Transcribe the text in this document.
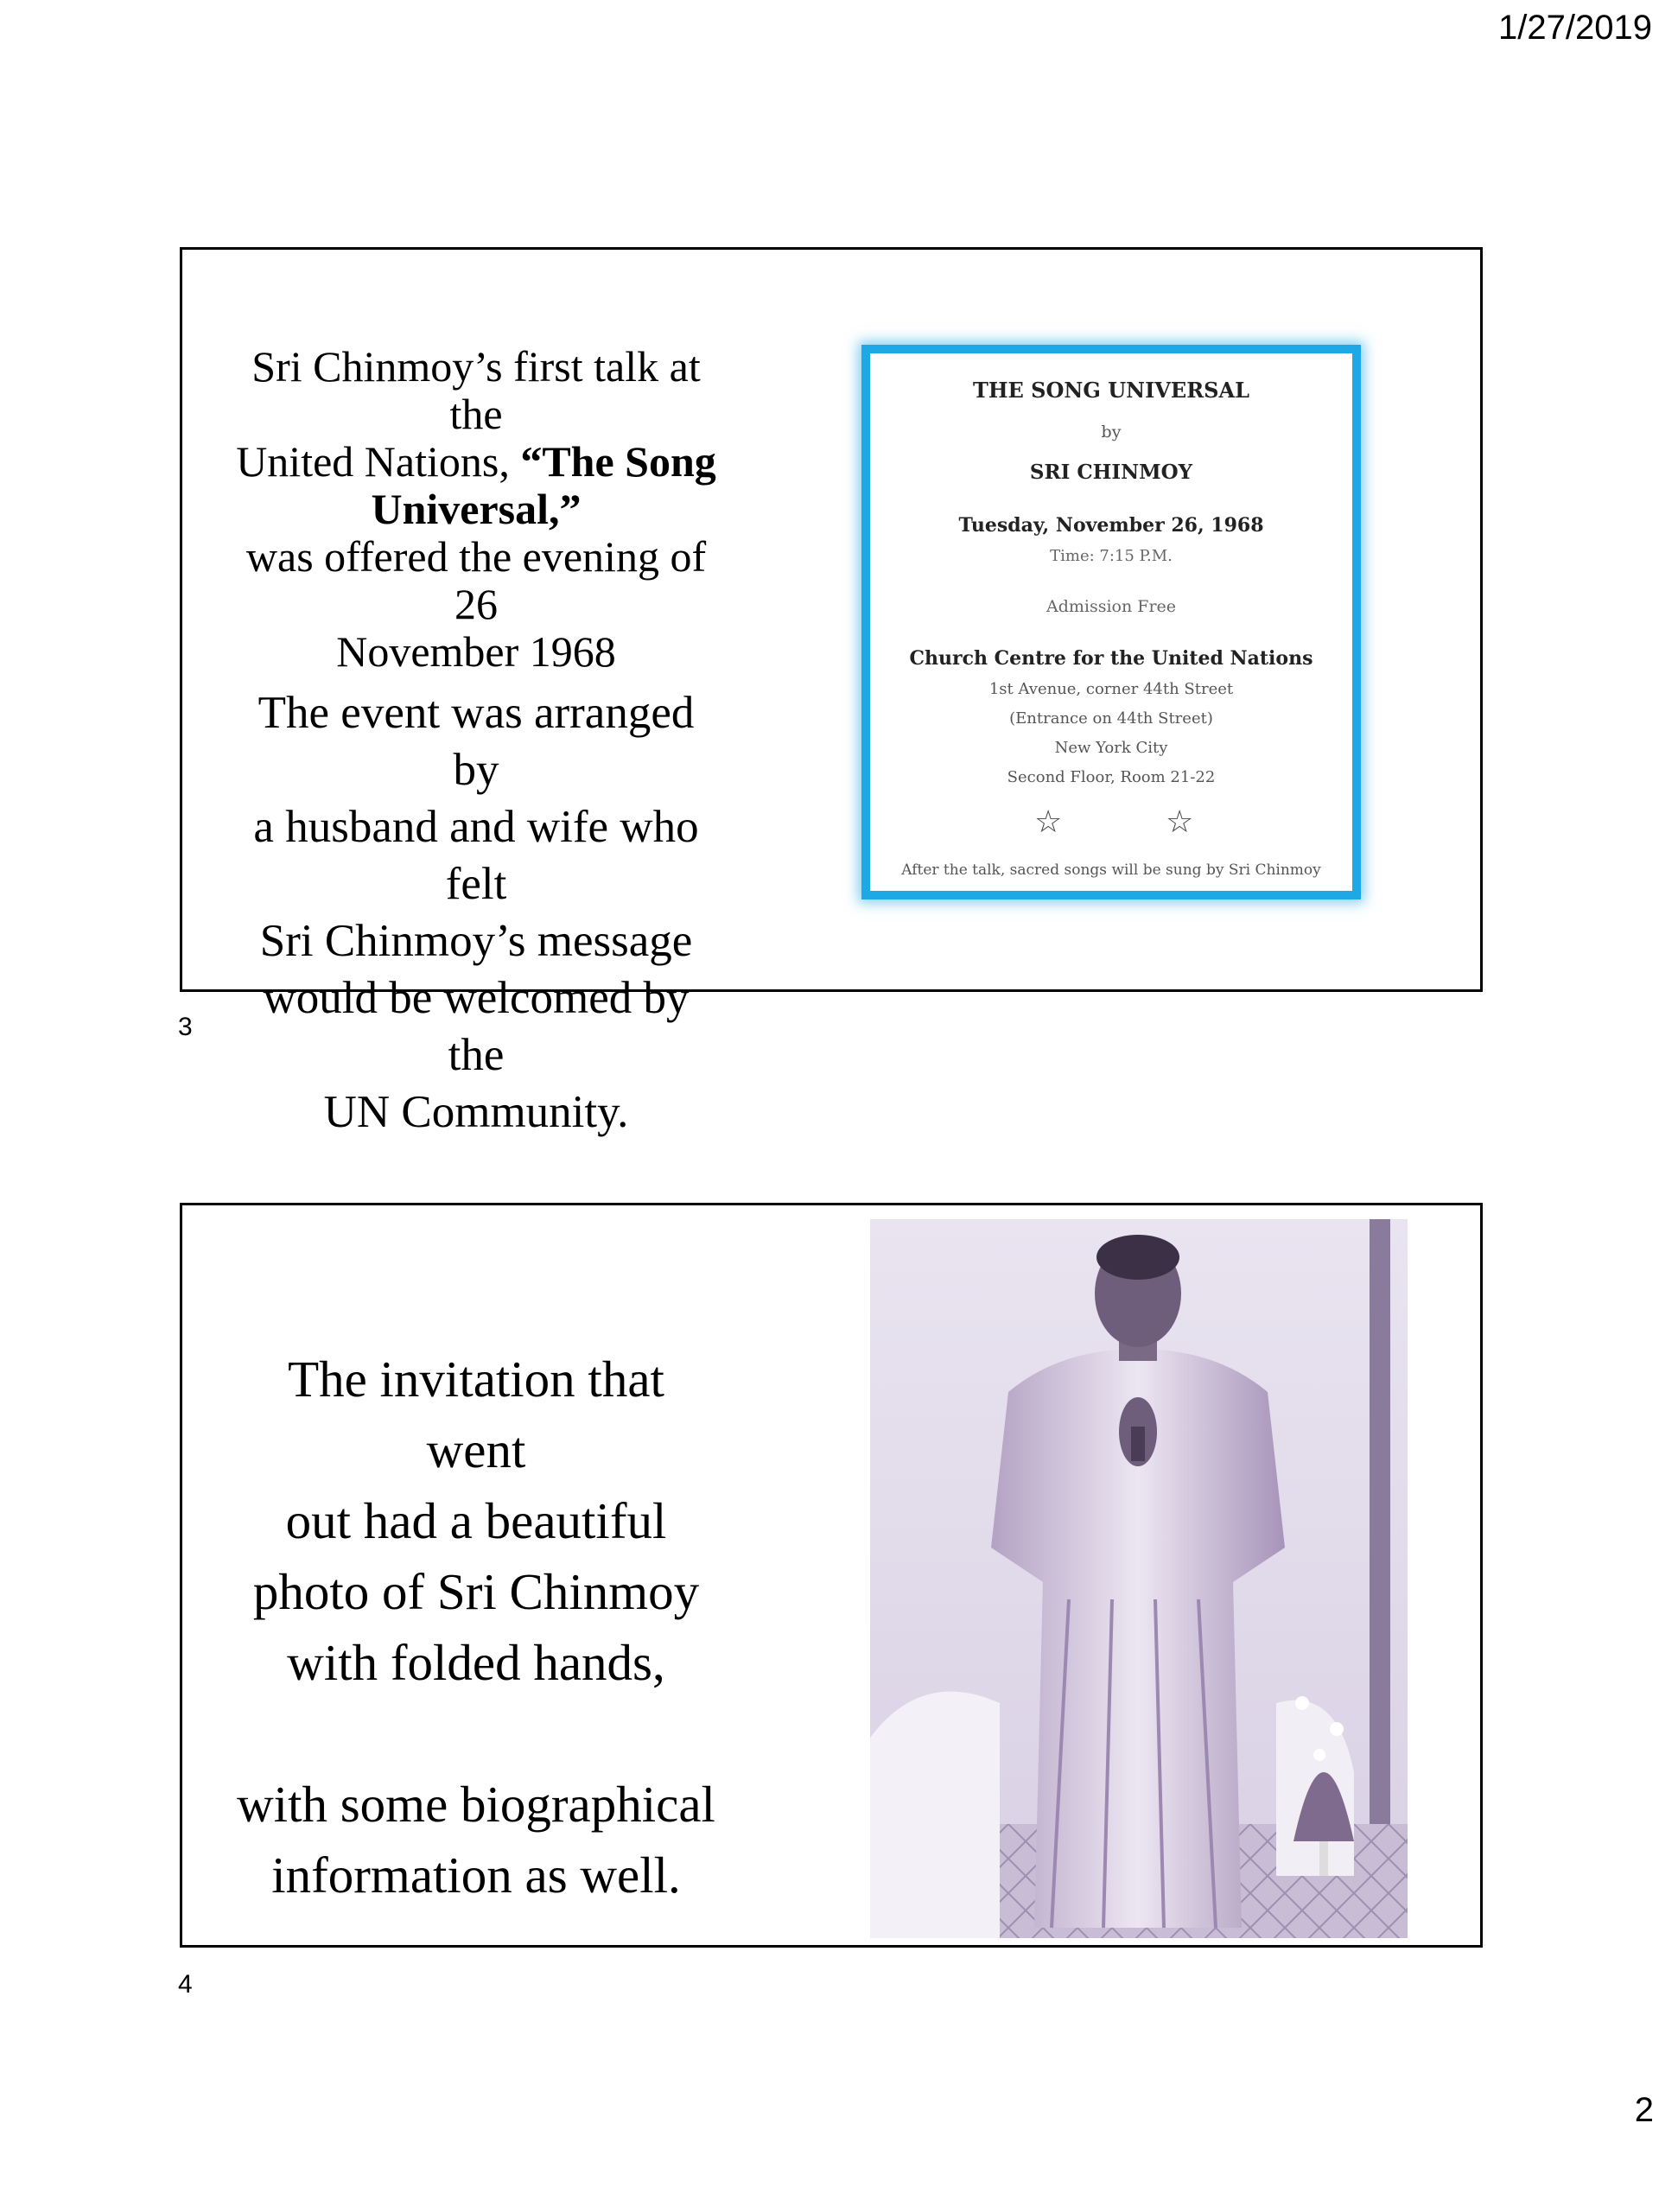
1/27/2019

Sri Chinmoy’s first talk at the
United Nations, “The Song
Universal,”
was offered the evening of 26
November 1968

The event was arranged by
a husband and wife who felt
Sri Chinmoy’s message
would be welcomed by the
UN Community.

THE SONG UNIVERSAL

by

SRI CHINMOY

Tuesday, November 26, 1968

Time: 7:15 P.M.

Admission Free

Church Centre for the United Nations

1st Avenue, corner 44th Street

(Entrance on 44th Street)

New York City

Second Floor, Room 21-22

☆	☆

After the talk, sacred songs will be sung by Sri Chinmoy

3

The invitation that went
out had a beautiful
photo of Sri Chinmoy
with folded hands,

with some biographical
information as well.

4
2
